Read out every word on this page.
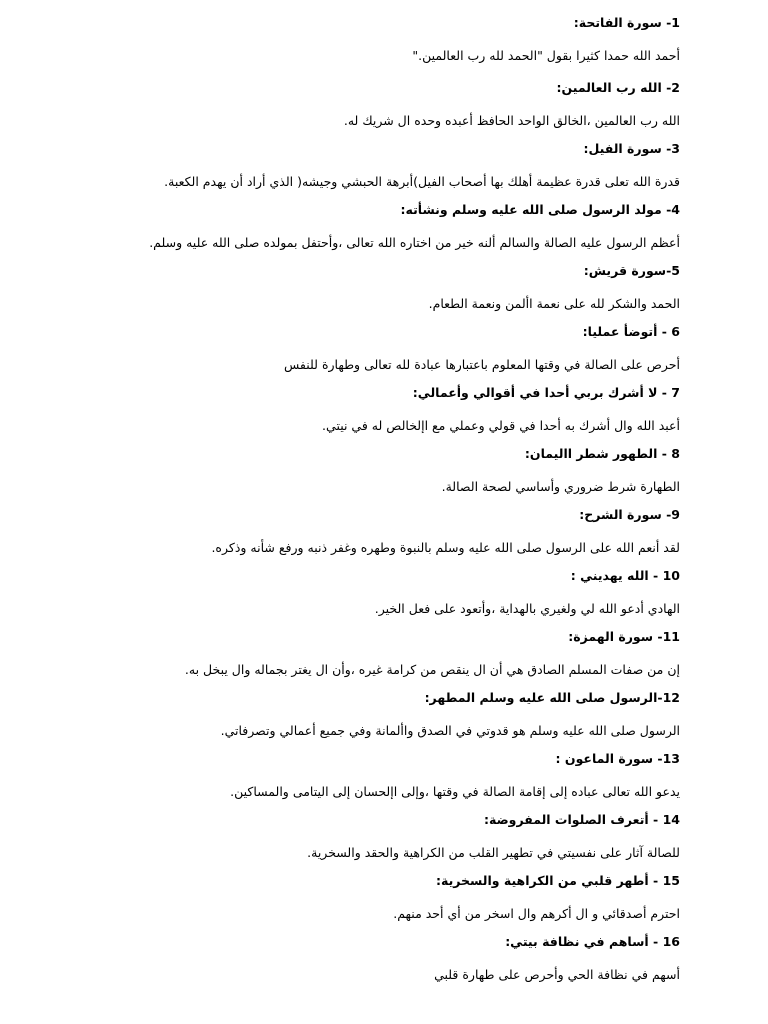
1- سورة الفاتحة:
أحمد الله حمدا كثيرا بقول "الحمد لله رب العالمين."
2- الله رب العالمين:
الله رب العالمين ،الخالق الواحد الحافظ أعبده وحده ال شريك له.
3- سورة الفيل:
قدرة الله تعلى قدرة عظيمة أهلك بها أصحاب الفيل)أبرهة الحبشي وجيشه( الذي أراد أن يهدم الكعبة.
4- مولد الرسول صلى الله عليه وسلم ونشأته:
أعظم الرسول عليه الصالة والسالم ألنه خير من اختاره الله تعالى ،وأحتفل بمولده صلى الله عليه وسلم.
5-سورة قريش:
الحمد والشكر لله على نعمة األمن ونعمة الطعام.
6 - أتوضأ عمليا:
أحرص على الصالة في وقتها المعلوم باعتبارها عبادة لله تعالى وطهارة للنفس
7 - لا أشرك بربي أحدا في أقوالي وأعمالي:
أعبد الله وال أشرك به أحدا في قولي وعملي مع اإلخالص له في نيتي.
8 - الطهور شطر االيمان:
الطهارة شرط ضروري وأساسي لصحة الصالة.
9- سورة الشرح:
لقد أنعم الله على الرسول صلى الله عليه وسلم بالنبوة وطهره وغفر ذنبه ورفع شأنه وذكره.
10 - الله يهديني :
الهادي أدعو الله لي ولغيري بالهداية ،وأتعود على فعل الخير.
11- سورة الهمزة:
إن من صفات المسلم الصادق هي أن ال ينقص من كرامة غيره ،وأن ال يغتر بجماله وال يبخل به.
12-الرسول صلى الله عليه وسلم المطهر:
الرسول صلى الله عليه وسلم هو قدوتي في الصدق واألمانة وفي جميع أعمالي وتصرفاتي.
13- سورة الماعون :
يدعو الله تعالى عباده إلى إقامة الصالة في وقتها ،وإلى اإلحسان إلى اليتامى والمساكين.
14 - أتعرف الصلوات المفروضة:
للصالة آثار على نفسيتي في تطهير القلب من الكراهية والحقد والسخرية.
15 - أطهر قلبي من الكراهية والسخرية:
احترم أصدقائي و ال أكرهم وال اسخر من أي أحد منهم.
16 - أساهم في نظافة بيتي:
أسهم في نظافة الحي وأحرص على طهارة قلبي
